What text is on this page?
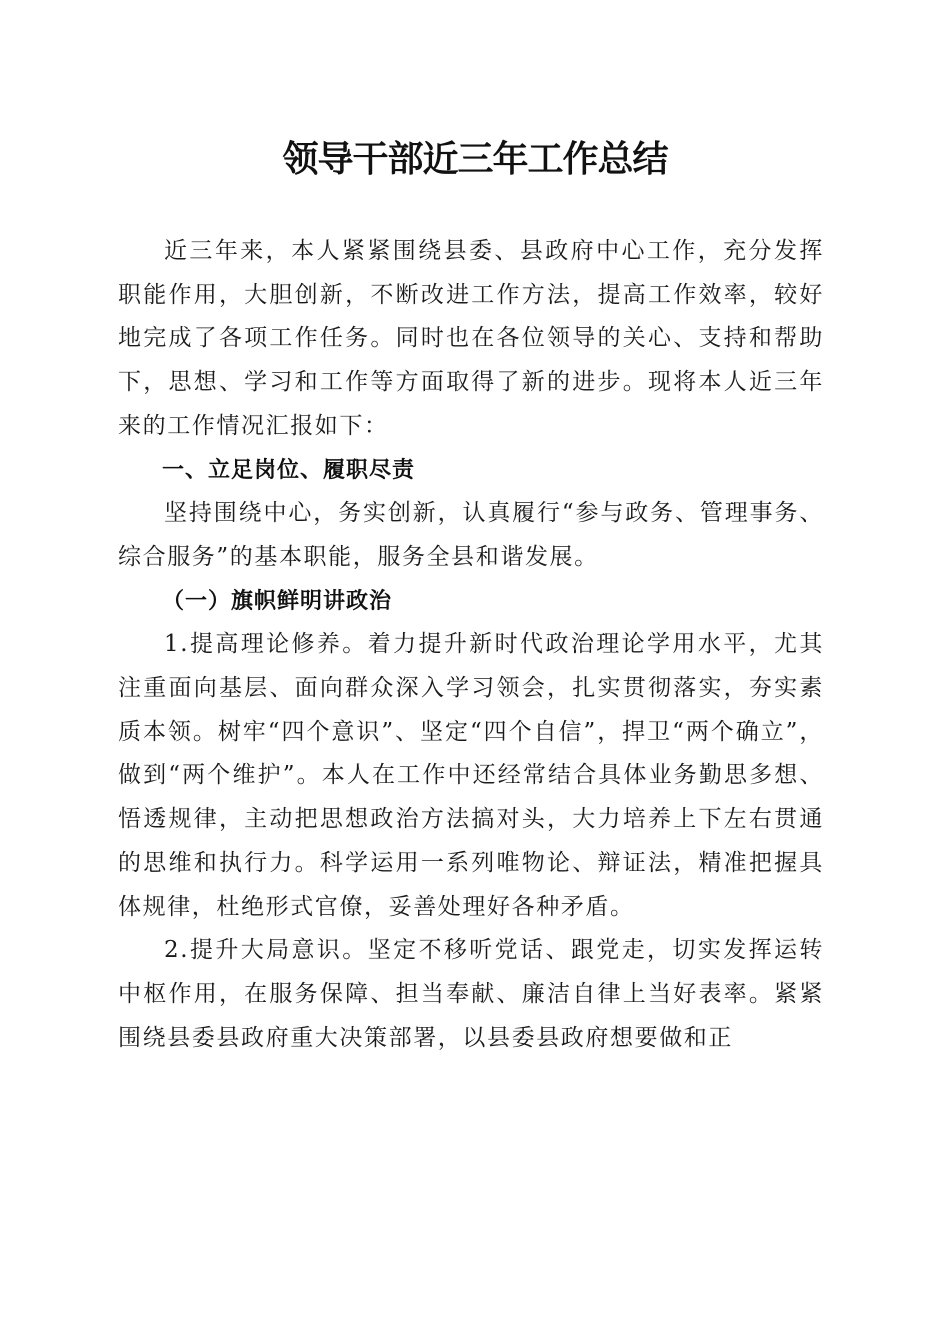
领导干部近三年工作总结

近三年来，本人紧紧围绕县委、县政府中心工作，充分发挥职能作用，大胆创新，不断改进工作方法，提高工作效率，较好地完成了各项工作任务。同时也在各位领导的关心、支持和帮助下，思想、学习和工作等方面取得了新的进步。现将本人近三年来的工作情况汇报如下：

一、立足岗位、履职尽责

坚持围绕中心，务实创新，认真履行“参与政务、管理事务、综合服务”的基本职能，服务全县和谐发展。

（一）旗帜鲜明讲政治

1.提高理论修养。着力提升新时代政治理论学用水平，尤其注重面向基层、面向群众深入学习领会，扎实贯彻落实，夯实素质本领。树牢“四个意识”、坚定“四个自信”，捍卫“两个确立”，做到“两个维护”。本人在工作中还经常结合具体业务勤思多想、悟透规律，主动把思想政治方法搞对头，大力培养上下左右贯通的思维和执行力。科学运用一系列唯物论、辩证法，精准把握具体规律，杜绝形式官僚，妥善处理好各种矛盾。

2.提升大局意识。坚定不移听党话、跟党走，切实发挥运转中枢作用，在服务保障、担当奉献、廉洁自律上当好表率。紧紧围绕县委县政府重大决策部署，以县委县政府想要做和正
